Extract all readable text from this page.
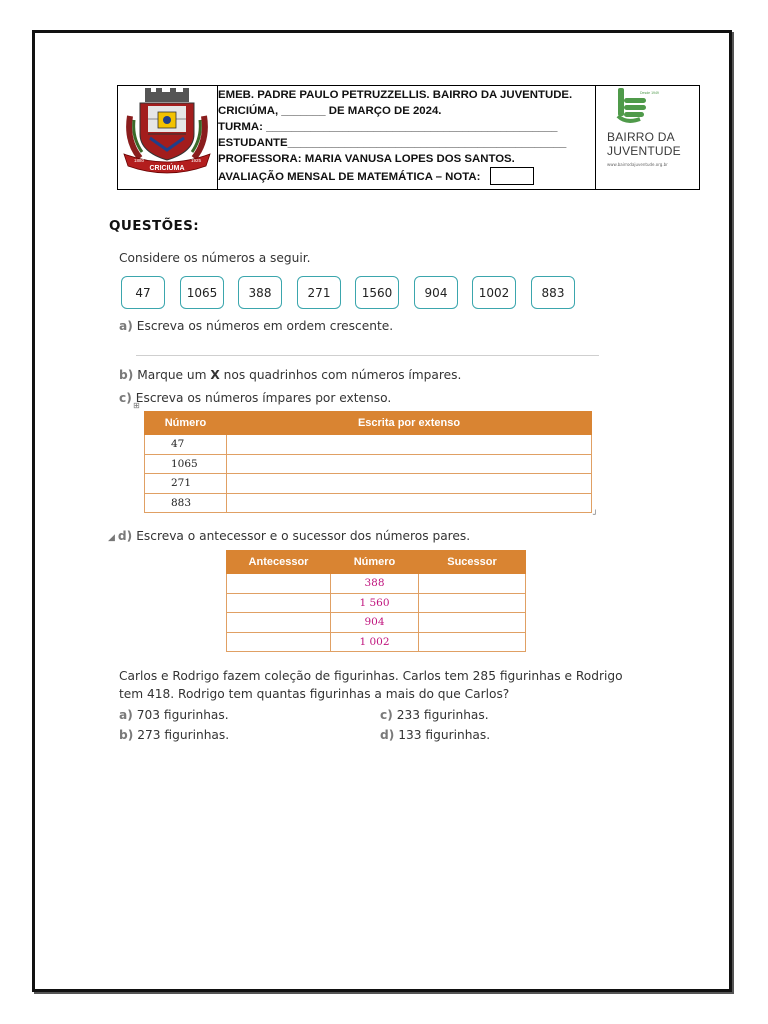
CRICIÚMA
1880	1925
EMEB. PADRE PAULO PETRUZZELLIS. BAIRRO DA JUVENTUDE.
CRICIÚMA, _______ DE MARÇO DE 2024.
TURMA: ______________________________________________
ESTUDANTE____________________________________________
PROFESSORA: MARIA VANUSA LOPES DOS SANTOS.
AVALIAÇÃO MENSAL DE MATEMÁTICA – NOTA:
Desde 1949
BAIRRO DA
JUVENTUDE
www.bairrodajuventude.org.br
QUESTÕES:
Considere os números a seguir.
47	1065	388	271	1560	904	1002	883
a) Escreva os números em ordem crescente.
b) Marque um X nos quadrinhos com números ímpares.
c) Escreva os números ímpares por extenso.
⊞
Número	Escrita por extenso
47	
1065	
271	
883	
┘
◢ d) Escreva o antecessor e o sucessor dos números pares.
Antecessor	Número	Sucessor
	388	
	1 560	
	904	
	1 002	
Carlos e Rodrigo fazem coleção de figurinhas. Carlos tem 285 figurinhas e Rodrigo
tem 418. Rodrigo tem quantas figurinhas a mais do que Carlos?
a) 703 figurinhas.
b) 273 figurinhas.
c) 233 figurinhas.
d) 133 figurinhas.
